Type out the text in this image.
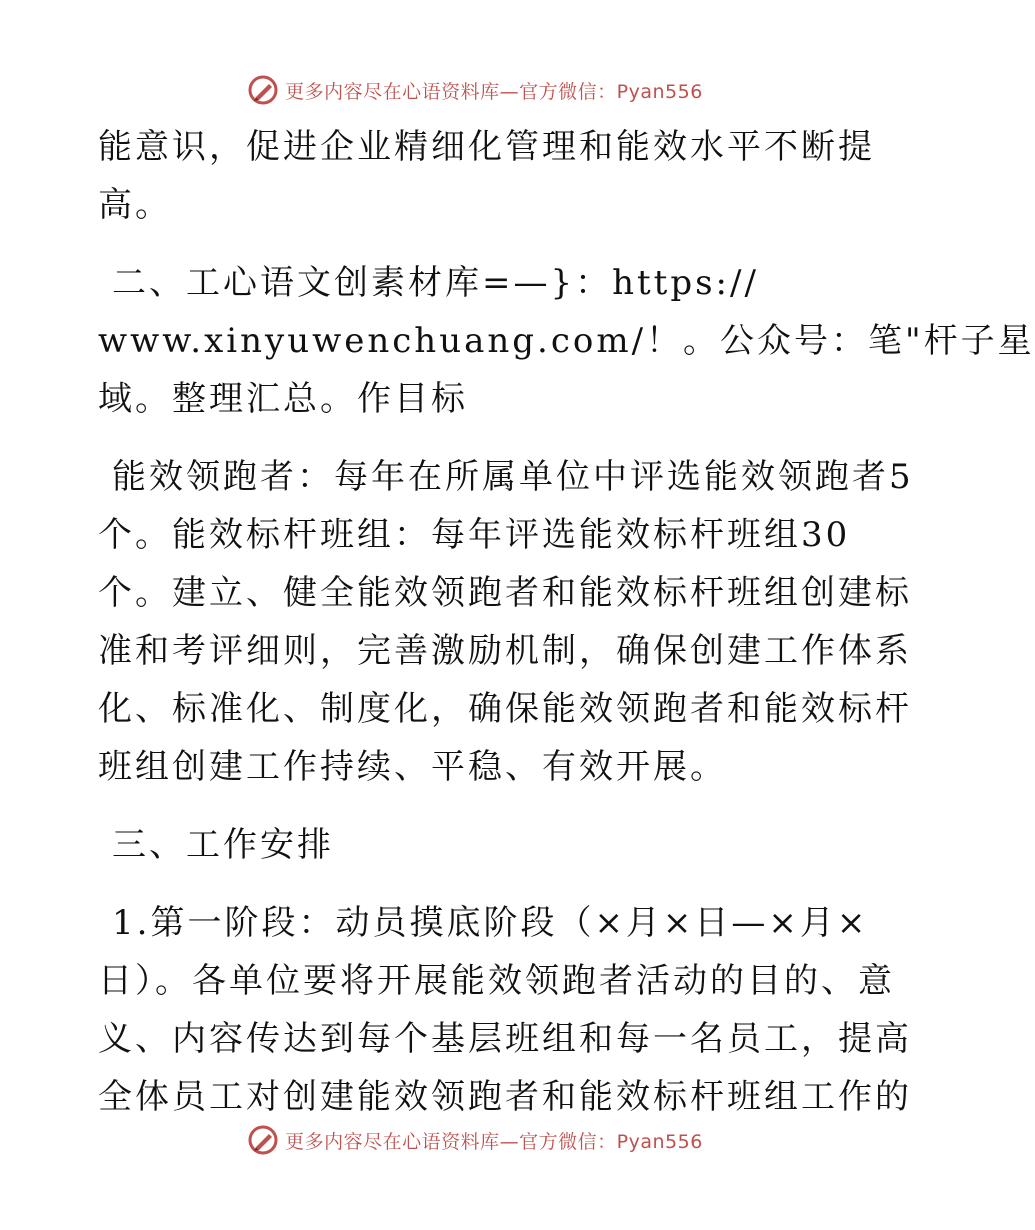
更多内容尽在心语资料库—官方微信：Pyan556
能意识，促进企业精细化管理和能效水平不断提
高。
二、工心语文创素材库=—}：https://
www.xinyuwenchuang.com/！。公众号：笔"杆子星
域。整理汇总。作目标
能效领跑者：每年在所属单位中评选能效领跑者5
个。能效标杆班组：每年评选能效标杆班组30
个。建立、健全能效领跑者和能效标杆班组创建标
准和考评细则，完善激励机制，确保创建工作体系
化、标准化、制度化，确保能效领跑者和能效标杆
班组创建工作持续、平稳、有效开展。
三、工作安排
1.第一阶段：动员摸底阶段（×月×日—×月×
日）。各单位要将开展能效领跑者活动的目的、意
义、内容传达到每个基层班组和每一名员工，提高
全体员工对创建能效领跑者和能效标杆班组工作的
更多内容尽在心语资料库—官方微信：Pyan556
